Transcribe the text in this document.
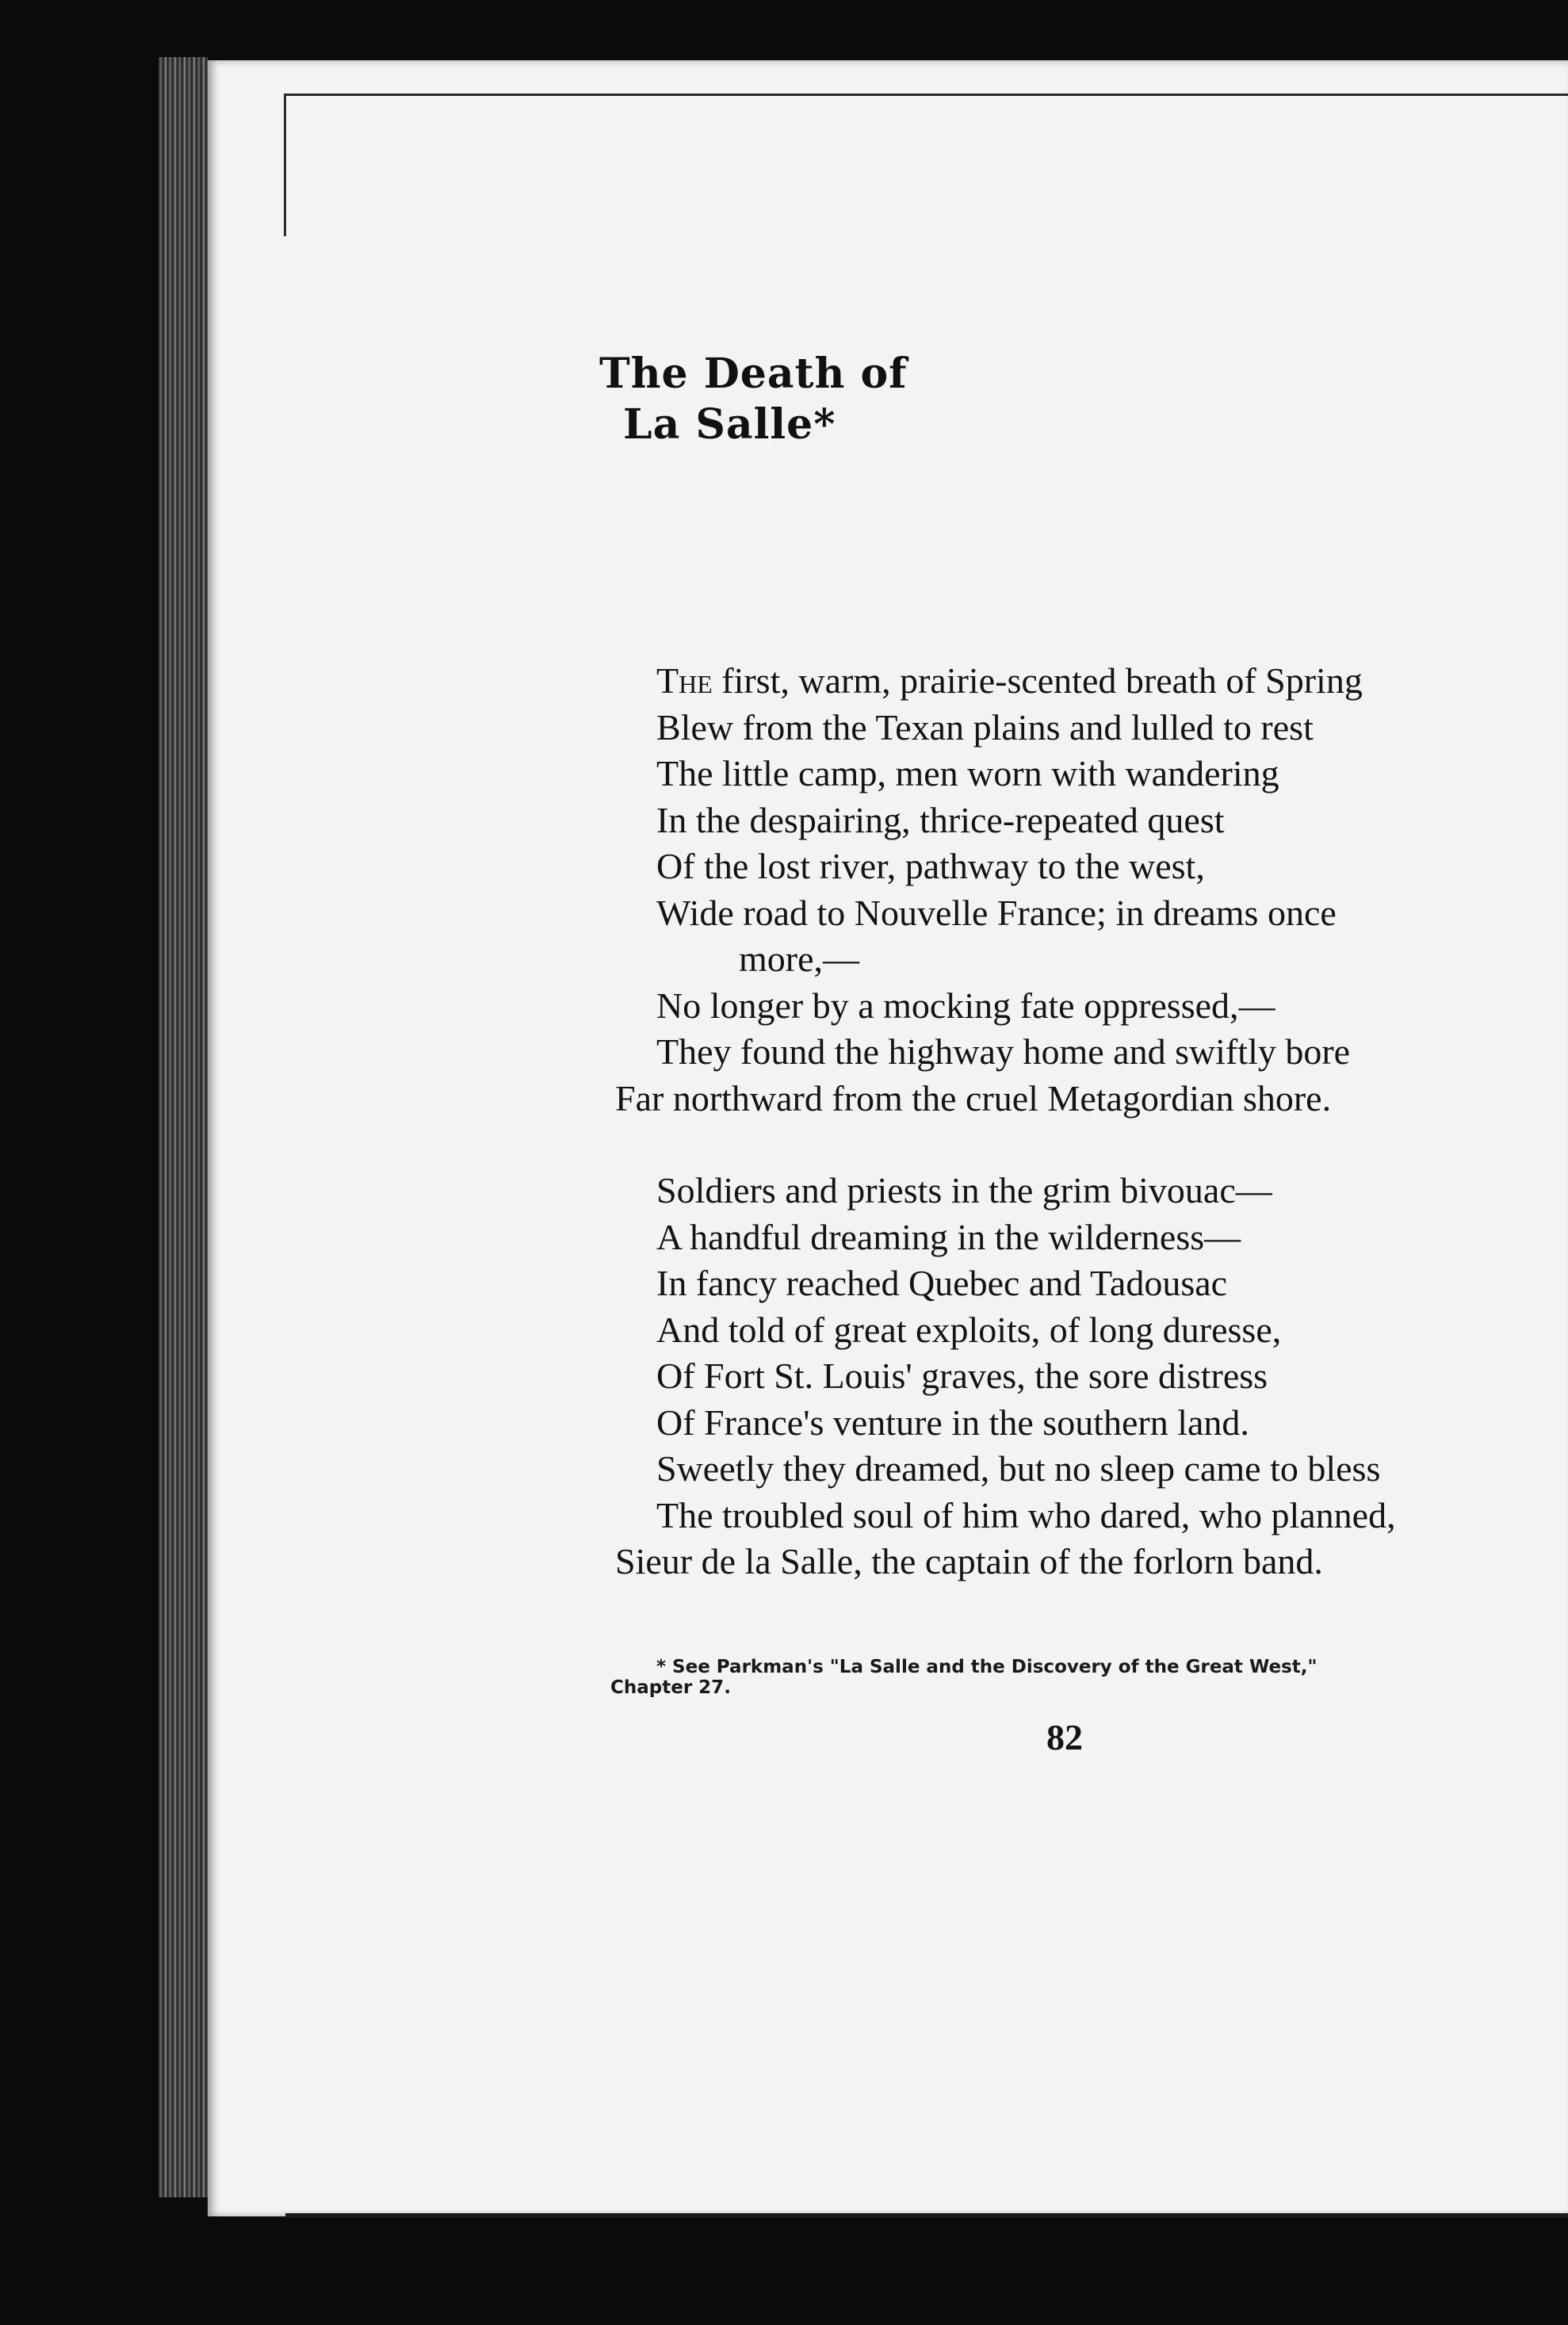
The Death of
La Salle*

The first, warm, prairie-scented breath of Spring
Blew from the Texan plains and lulled to rest
The little camp, men worn with wandering
In the despairing, thrice-repeated quest
Of the lost river, pathway to the west,
Wide road to Nouvelle France; in dreams once
more,—
No longer by a mocking fate oppressed,—
They found the highway home and swiftly bore
Far northward from the cruel Metagordian shore.

Soldiers and priests in the grim bivouac—
A handful dreaming in the wilderness—
In fancy reached Quebec and Tadousac
And told of great exploits, of long duresse,
Of Fort St. Louis' graves, the sore distress
Of France's venture in the southern land.
Sweetly they dreamed, but no sleep came to bless
The troubled soul of him who dared, who planned,
Sieur de la Salle, the captain of the forlorn band.

* See Parkman's "La Salle and the Discovery of the Great West,"
Chapter 27.
82
